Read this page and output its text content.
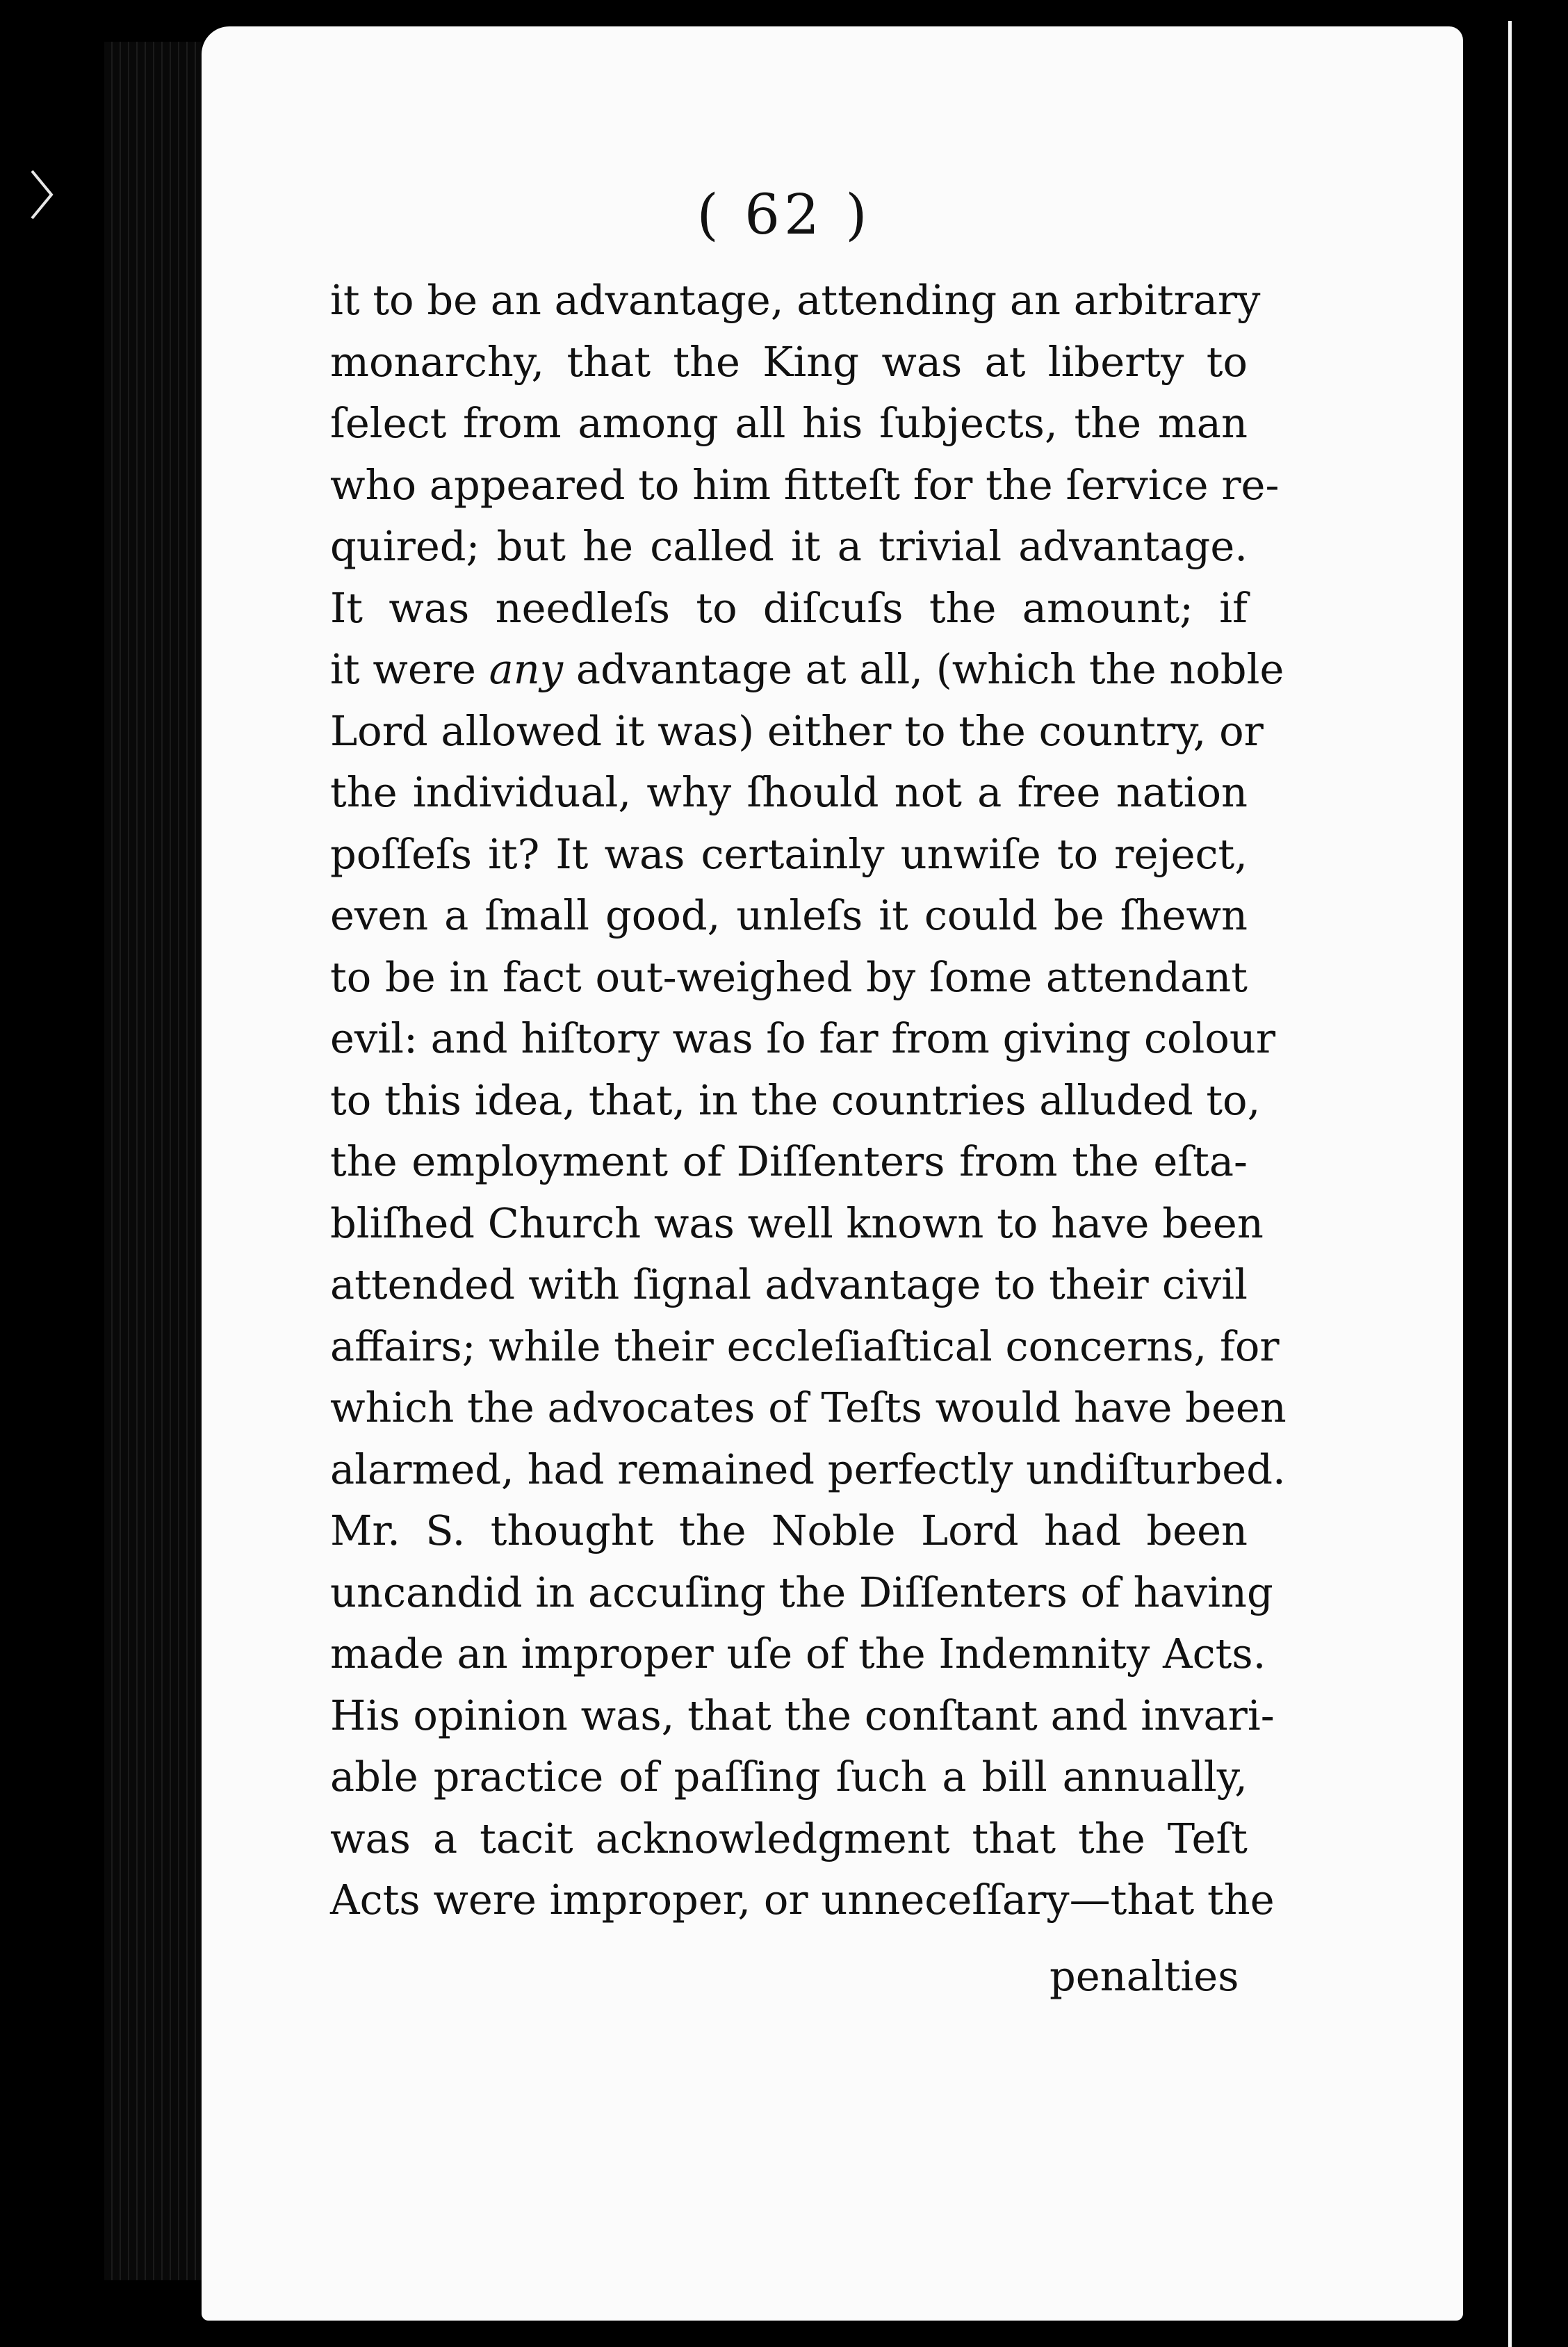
( 62 )
it to be an advantage, attending an arbitrary
monarchy, that the King was at liberty to
ſelect from among all his ſubjects, the man
who appeared to him fitteſt for the ſervice re-
quired; but he called it a trivial advantage.
It was needleſs to diſcuſs the amount; if
it were any advantage at all, (which the noble
Lord allowed it was) either to the country, or
the individual, why ſhould not a free nation
poſſeſs it? It was certainly unwiſe to reject,
even a ſmall good, unleſs it could be ſhewn
to be in fact out-weighed by ſome attendant
evil: and hiſtory was ſo far from giving colour
to this idea, that, in the countries alluded to,
the employment of Diſſenters from the eſta-
bliſhed Church was well known to have been
attended with ſignal advantage to their civil
affairs; while their eccleſiaſtical concerns, for
which the advocates of Teſts would have been
alarmed, had remained perfectly undiſturbed.
Mr. S. thought the Noble Lord had been
uncandid in accuſing the Diſſenters of having
made an improper uſe of the Indemnity Acts.
His opinion was, that the conſtant and invari-
able practice of paſſing ſuch a bill annually,
was a tacit acknowledgment that the Teſt
Acts were improper, or unneceſſary—that the
penalties
